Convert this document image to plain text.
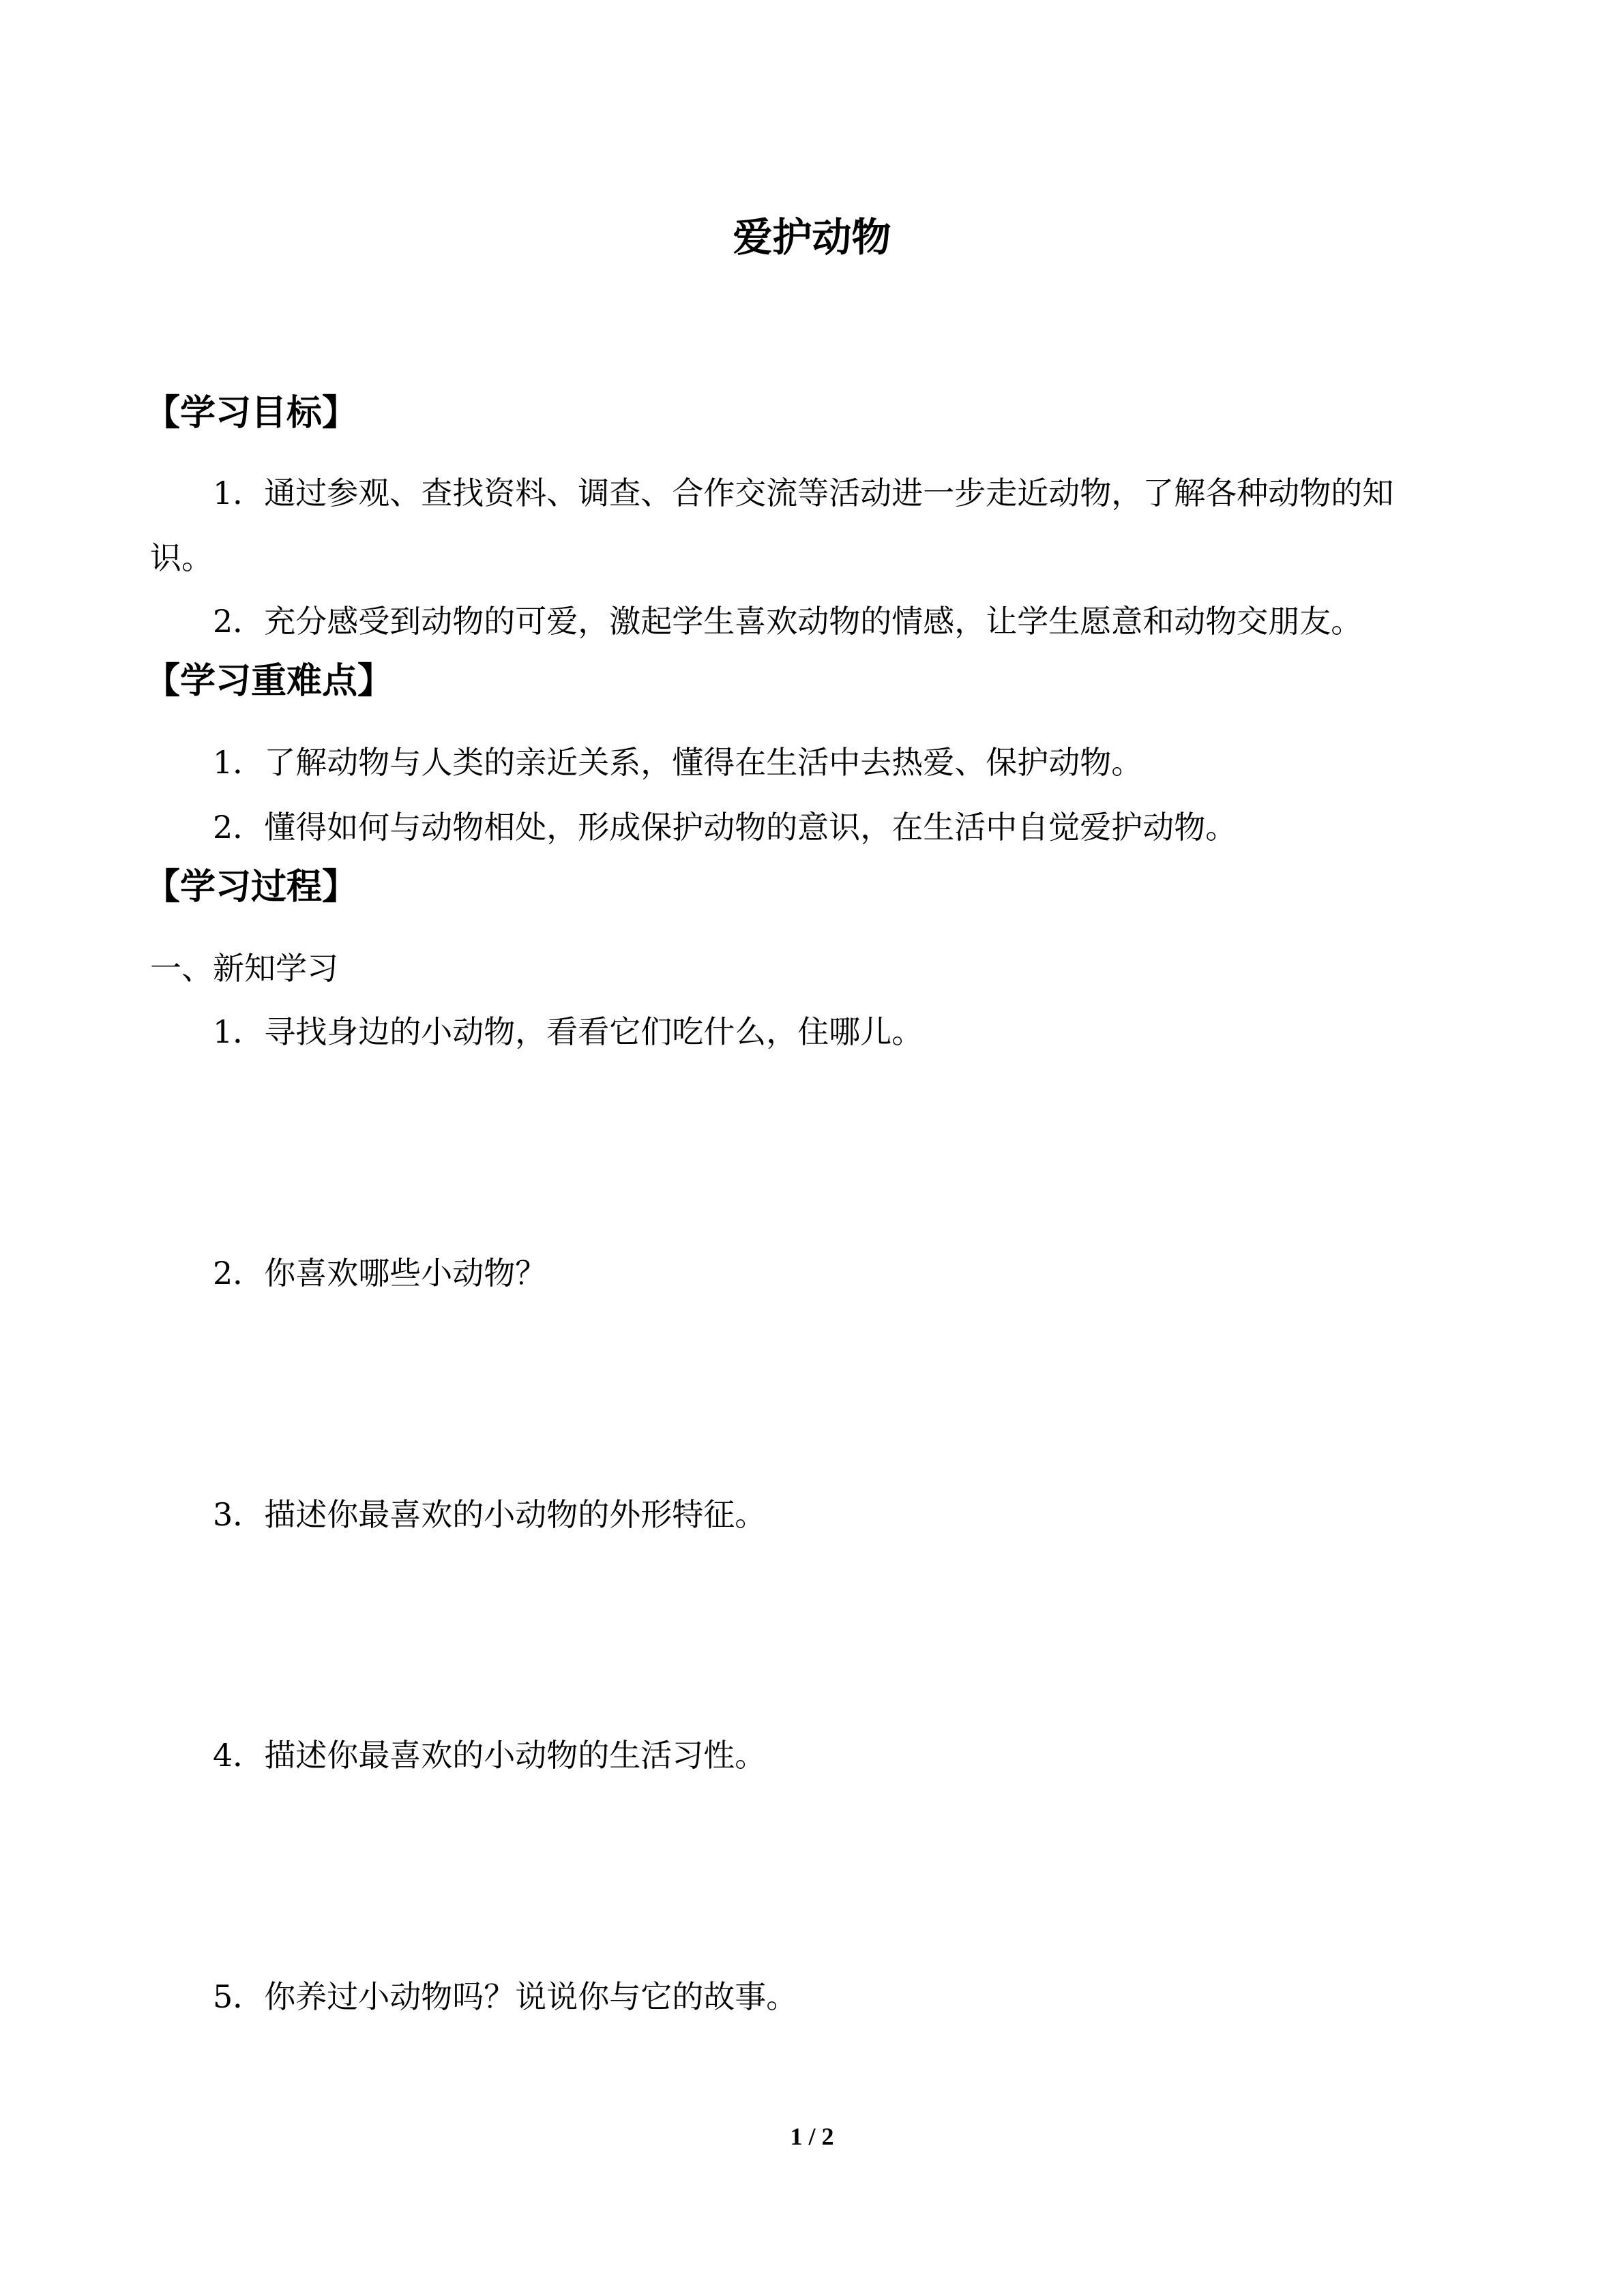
爱护动物
【学习目标】
1．通过参观、查找资料、调查、合作交流等活动进一步走近动物，了解各种动物的知
识。
2．充分感受到动物的可爱，激起学生喜欢动物的情感，让学生愿意和动物交朋友。
【学习重难点】
1．了解动物与人类的亲近关系，懂得在生活中去热爱、保护动物。
2．懂得如何与动物相处，形成保护动物的意识，在生活中自觉爱护动物。
【学习过程】
一、新知学习
1．寻找身边的小动物，看看它们吃什么，住哪儿。
2．你喜欢哪些小动物？
3．描述你最喜欢的小动物的外形特征。
4．描述你最喜欢的小动物的生活习性。
5．你养过小动物吗？说说你与它的故事。
1 / 2
